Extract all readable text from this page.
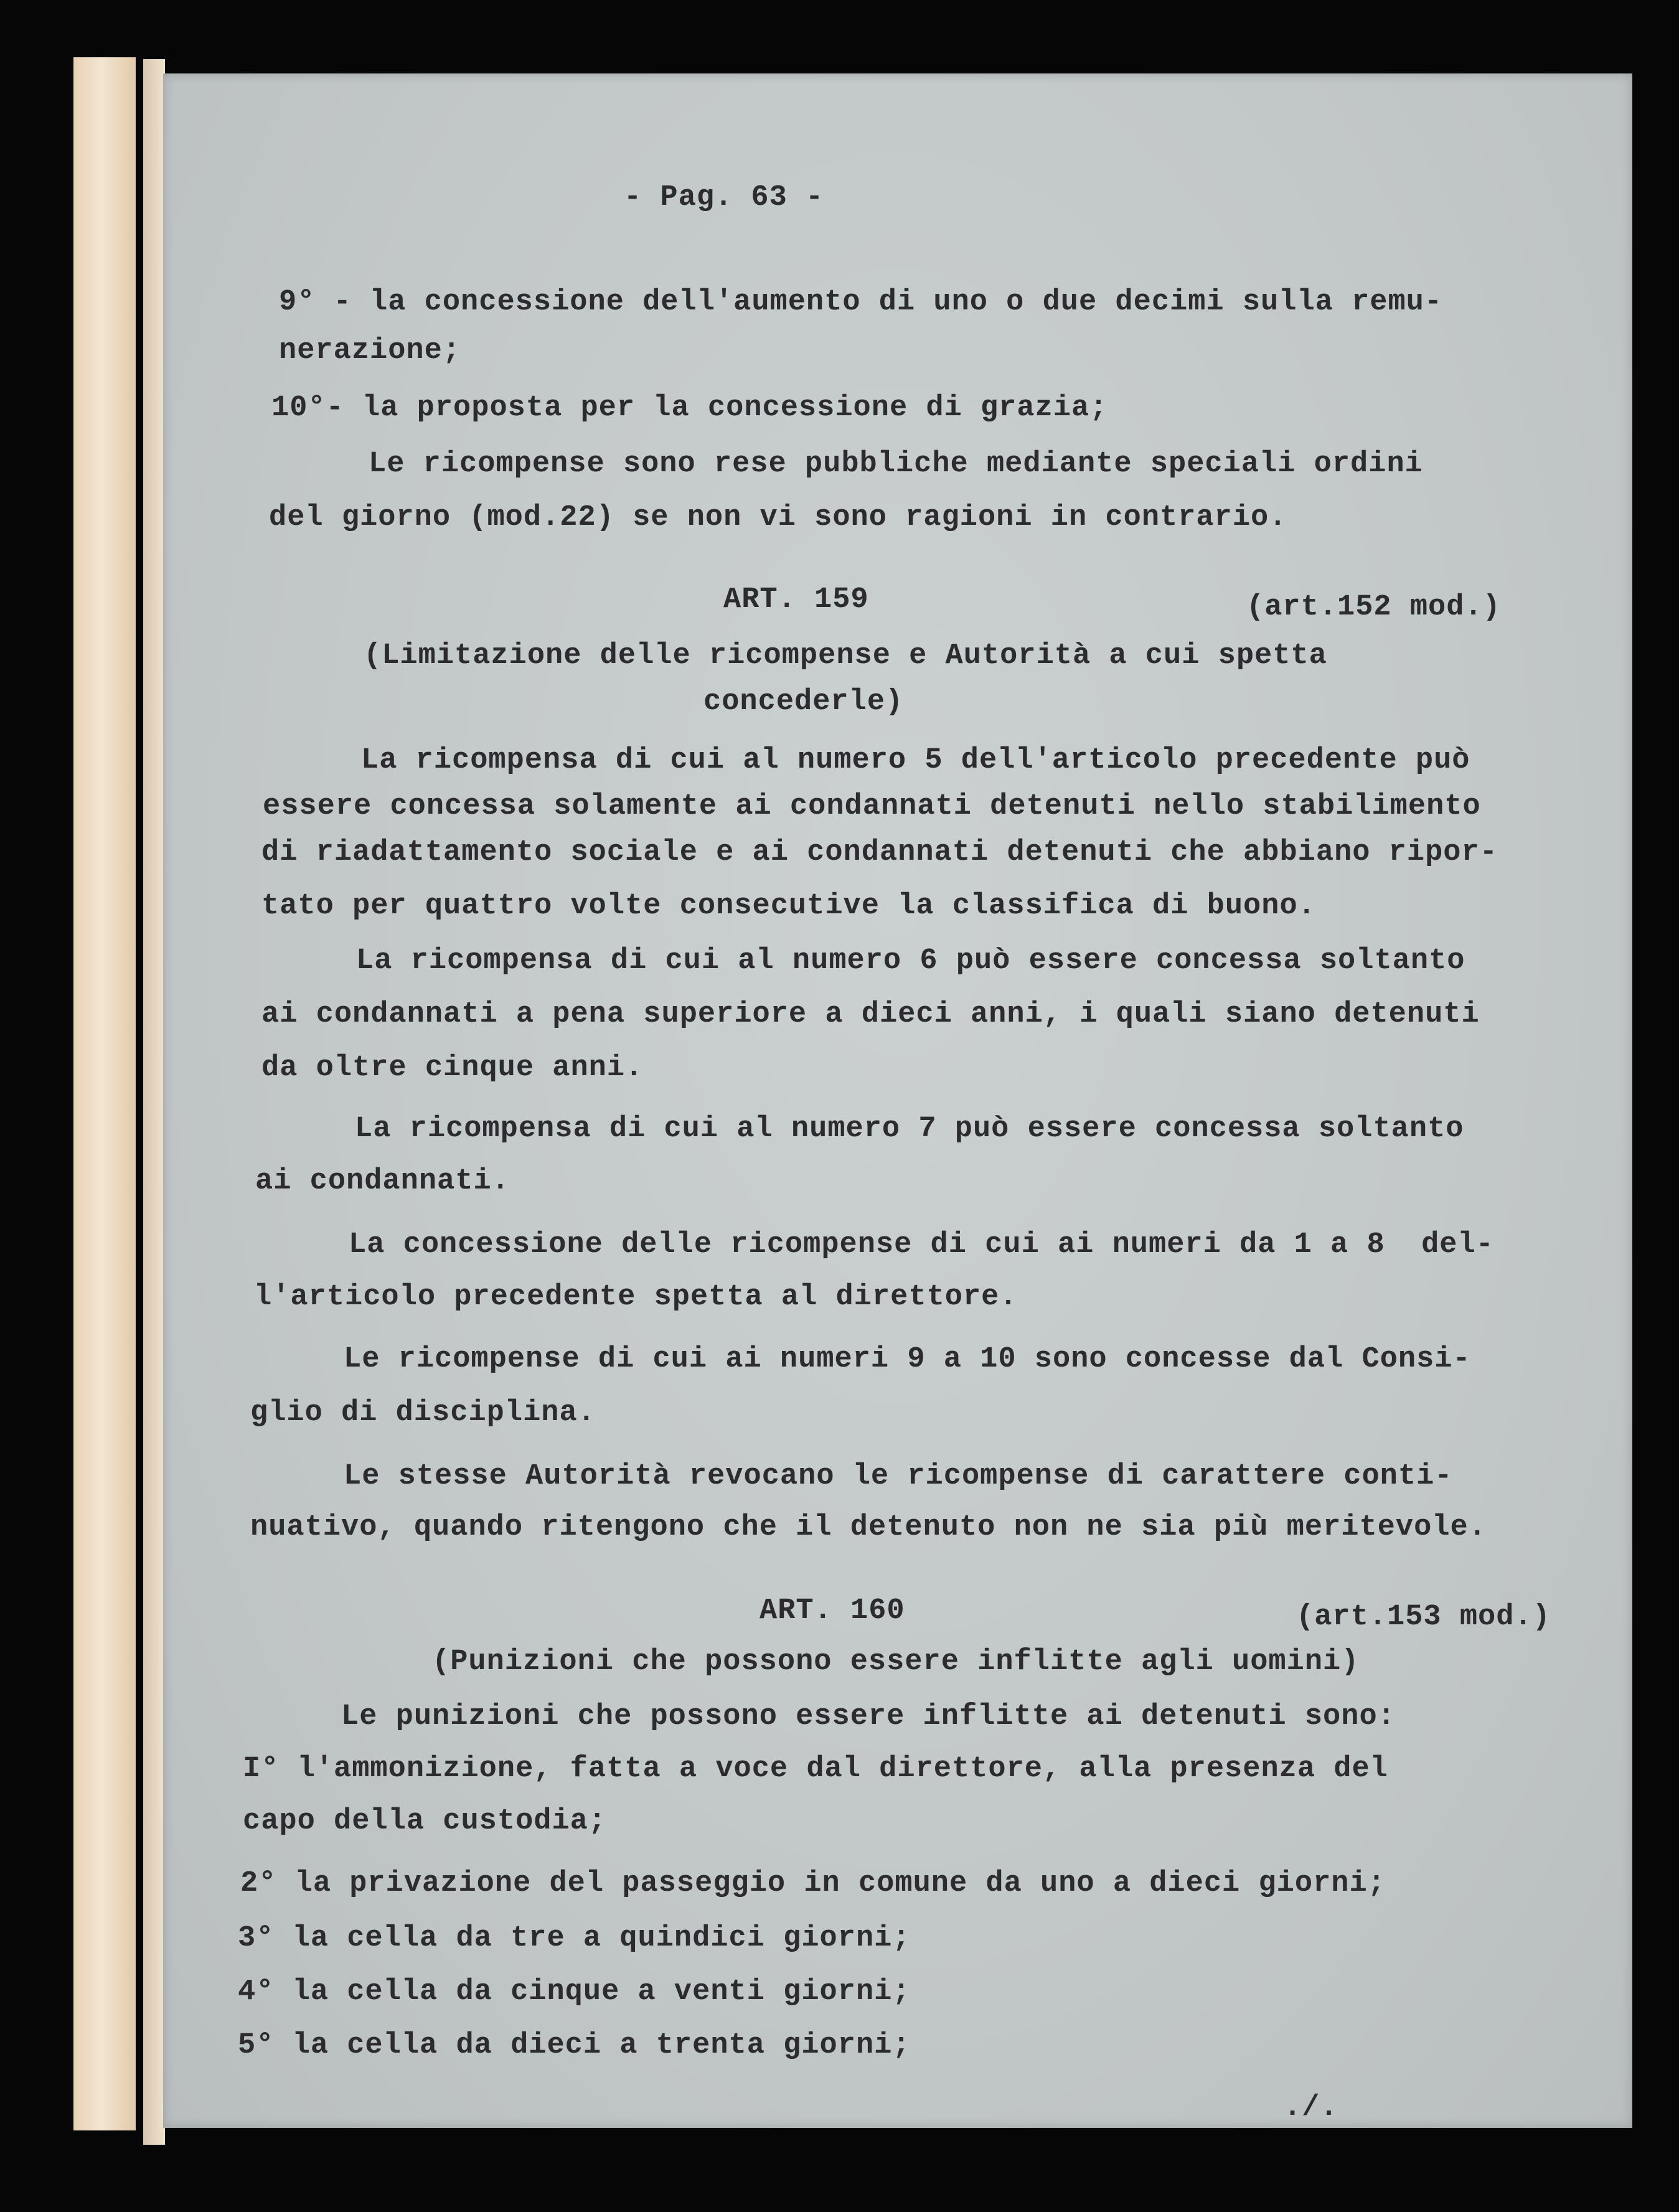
- Pag. 63 -
9° - la concessione dell'aumento di uno o due decimi sulla remu-
nerazione;
10°- la proposta per la concessione di grazia;
Le ricompense sono rese pubbliche mediante speciali ordini
del giorno (mod.22) se non vi sono ragioni in contrario.
ART. 159	(art.152 mod.)
(Limitazione delle ricompense e Autorità a cui spetta
concederle)
La ricompensa di cui al numero 5 dell'articolo precedente può
essere concessa solamente ai condannati detenuti nello stabilimento
di riadattamento sociale e ai condannati detenuti che abbiano ripor-
tato per quattro volte consecutive la classifica di buono.
La ricompensa di cui al numero 6 può essere concessa soltanto
ai condannati a pena superiore a dieci anni, i quali siano detenuti
da oltre cinque anni.
La ricompensa di cui al numero 7 può essere concessa soltanto
ai condannati.
La concessione delle ricompense di cui ai numeri da 1 a 8  del-
l'articolo precedente spetta al direttore.
Le ricompense di cui ai numeri 9 a 10 sono concesse dal Consi-
glio di disciplina.
Le stesse Autorità revocano le ricompense di carattere conti-
nuativo, quando ritengono che il detenuto non ne sia più meritevole.
ART. 160	(art.153 mod.)
(Punizioni che possono essere inflitte agli uomini)
Le punizioni che possono essere inflitte ai detenuti sono:
I° l'ammonizione, fatta a voce dal direttore, alla presenza del
capo della custodia;
2° la privazione del passeggio in comune da uno a dieci giorni;
3° la cella da tre a quindici giorni;
4° la cella da cinque a venti giorni;
5° la cella da dieci a trenta giorni;
./.
